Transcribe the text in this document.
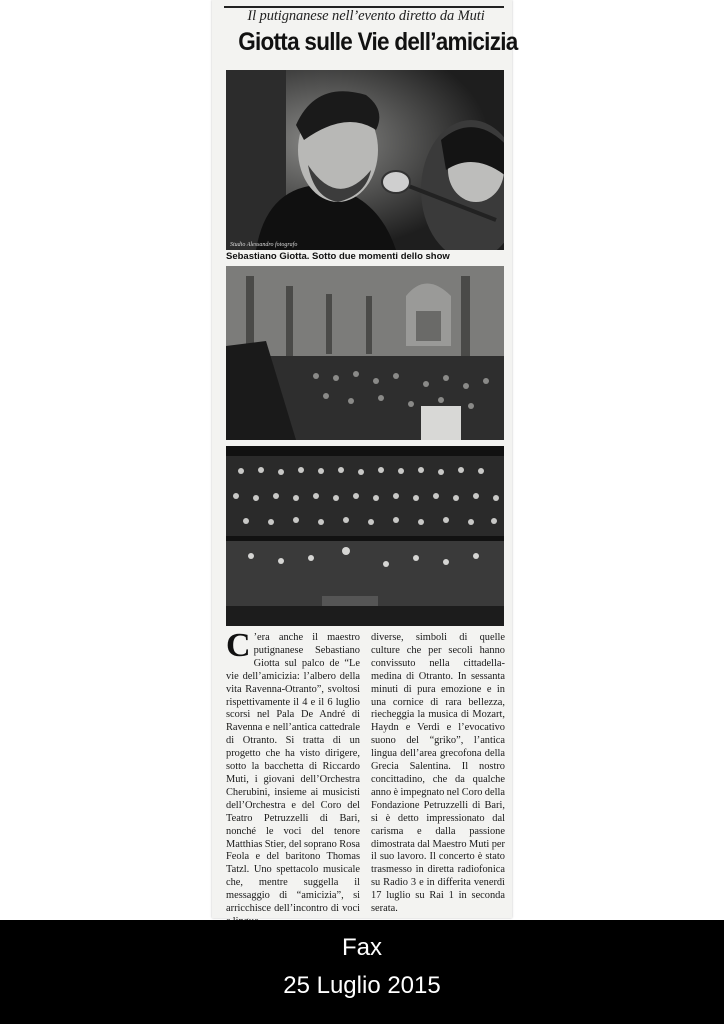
Il putignanese nell’evento diretto da Muti
Giotta sulle Vie dell’amicizia
Studio Alessandro fotografo
Sebastiano Giotta. Sotto due momenti dello show
C ’era anche il maestro putignanese Sebastiano Giotta sul palco de “Le vie dell’amicizia: l’albero della vita Ravenna-Otranto”, svoltosi rispettivamente il 4 e il 6 luglio scorsi nel Pala De André di Ravenna e nell’antica cattedrale di Otranto. Si tratta di un progetto che ha visto dirigere, sotto la bacchetta di Riccardo Muti, i giovani dell’Orchestra Cherubini, insieme ai musicisti dell’Orchestra e del Coro del Teatro Petruzzelli di Bari, nonché le voci del tenore Matthias Stier, del soprano Rosa Feola e del baritono Thomas Tatzl. Uno spettacolo musicale che, mentre suggella il messaggio di “amicizia”, si arricchisce dell’incontro di voci
diverse, simboli di quelle culture che per secoli hanno convissuto nella cittadella-medina di Otranto. In sessanta minuti di pura emozione e in una cornice di rara bellezza, riecheggia la musica di Mozart, Haydn e Verdi e l’evocativo suono del “griko”, l’antica lingua dell’area grecofona della Grecia Salentina. Il nostro concittadino, che da qualche anno è impegnato nel Coro della Fondazione Petruzzelli di Bari, si è detto impressionato dal carisma e dalla passione dimostrata dal Maestro Muti per il suo lavoro. Il concerto è stato trasmesso in diretta radiofonica su Radio 3 e in differita venerdì 17 luglio su Rai 1 in seconda serata.
Fax
25 Luglio 2015
